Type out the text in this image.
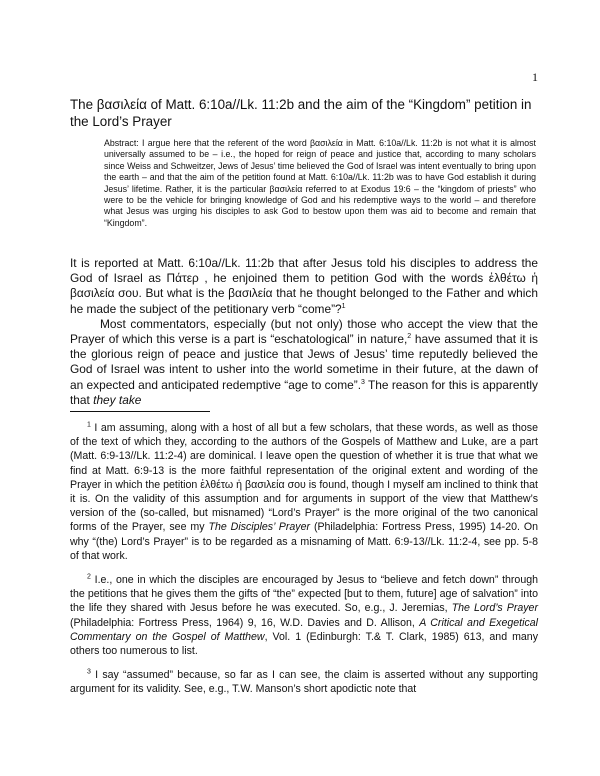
1
The βασιλεία of Matt. 6:10a//Lk. 11:2b and the aim of the “Kingdom” petition in the Lord’s Prayer
Abstract: I argue here that the referent of the word βασιλεία in Matt. 6:10a//Lk. 11:2b is not what it is almost universally assumed to be – i.e., the hoped for reign of peace and justice that, according to many scholars since Weiss and Schweitzer, Jews of Jesus’ time believed the God of Israel was intent eventually to bring upon the earth – and that the aim of the petition found at Matt. 6:10a//Lk. 11:2b was to have God establish it during Jesus’ lifetime. Rather, it is the particular βασιλεία referred to at Exodus 19:6 – the “kingdom of priests” who were to be the vehicle for bringing knowledge of God and his redemptive ways to the world – and therefore what Jesus was urging his disciples to ask God to bestow upon them was aid to become and remain that “Kingdom”.

It is reported at Matt. 6:10a//Lk. 11:2b that after Jesus told his disciples to address the God of Israel as Πάτερ , he enjoined them to petition God with the words ἐλθέτω ἡ βασιλεία σου. But what is the βασιλεία that he thought belonged to the Father and which he made the subject of the petitionary verb “come”?$^1$

Most commentators, especially (but not only) those who accept the view that the Prayer of which this verse is a part is “eschatological” in nature,$^2$ have assumed that it is the glorious reign of peace and justice that Jews of Jesus’ time reputedly believed the God of Israel was intent to usher into the world sometime in their future, at the dawn of an expected and anticipated redemptive “age to come”.$^3$ The reason for this is apparently that they take

$^1$ I am assuming, along with a host of all but a few scholars, that these words, as well as those of the text of which they, according to the authors of the Gospels of Matthew and Luke, are a part (Matt. 6:9-13//Lk. 11:2-4) are dominical. I leave open the question of whether it is true that what we find at Matt. 6:9-13 is the more faithful representation of the original extent and wording of the Prayer in which the petition ἐλθέτω ἡ βασιλεία σου is found, though I myself am inclined to think that it is. On the validity of this assumption and for arguments in support of the view that Matthew’s version of the (so-called, but misnamed) “Lord’s Prayer” is the more original of the two canonical forms of the Prayer, see my The Disciples’ Prayer (Philadelphia: Fortress Press, 1995) 14-20. On why “(the) Lord’s Prayer” is to be regarded as a misnaming of Matt. 6:9-13//Lk. 11:2-4, see pp. 5-8 of that work.

$^2$ I.e., one in which the disciples are encouraged by Jesus to “believe and fetch down” through the petitions that he gives them the gifts of “the” expected [but to them, future] age of salvation” into the life they shared with Jesus before he was executed. So, e.g., J. Jeremias, The Lord’s Prayer (Philadelphia: Fortress Press, 1964) 9, 16, W.D. Davies and D. Allison, A Critical and Exegetical Commentary on the Gospel of Matthew, Vol. 1 (Edinburgh: T.& T. Clark, 1985) 613, and many others too numerous to list.

$^3$ I say “assumed” because, so far as I can see, the claim is asserted without any supporting argument for its validity. See, e.g., T.W. Manson’s short apodictic note that
